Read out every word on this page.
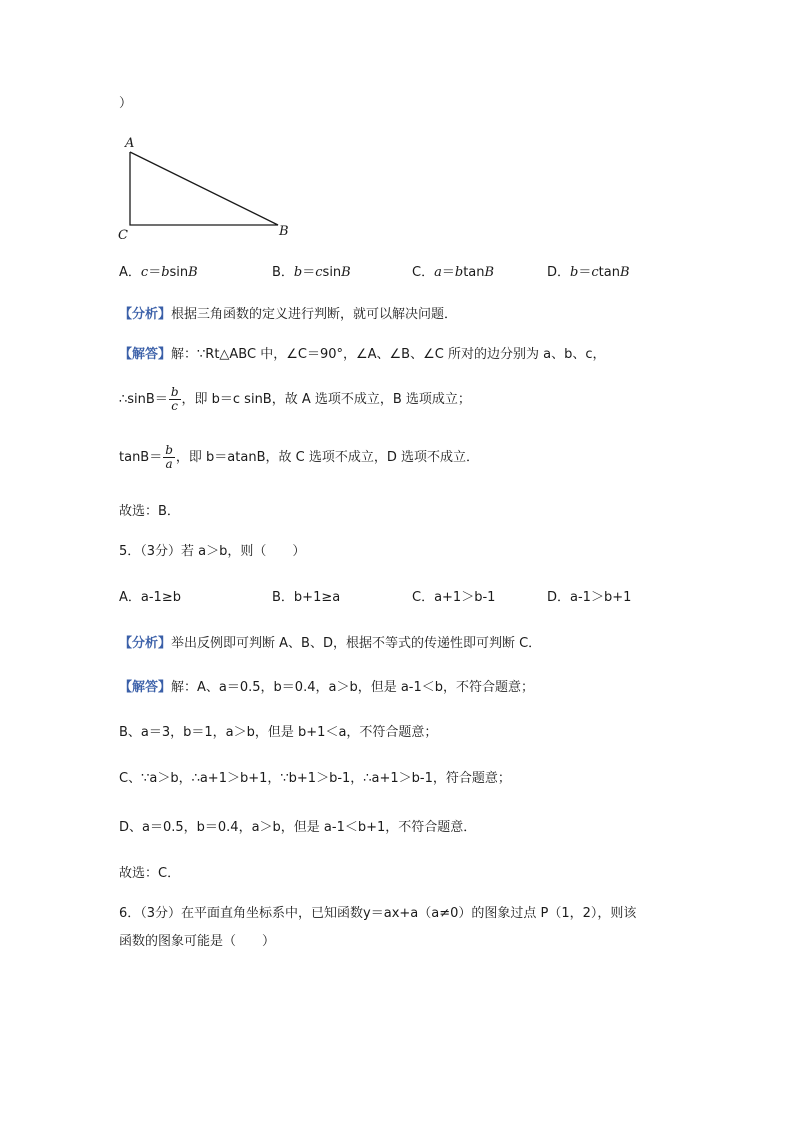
）
A
C	B
A．c＝bsinB	B．b＝csinB	C．a＝btanB	D．b＝ctanB
【分析】根据三角函数的定义进行判断，就可以解决问题．
【解答】解：∵Rt△ABC 中，∠C＝90°，∠A、∠B、∠C 所对的边分别为 a、b、c，
∴sinB＝ $\frac{b}{c}$ ，即 b＝c sinB，故 A 选项不成立，B 选项成立；
$\tan B= \frac{b}{a}$ ，即 b＝atanB，故 C 选项不成立，D 选项不成立．
故选：B．
5．（3分）若 a＞b，则（　　）
A．a-1≥b	B．b+1≥a	C．a+1＞b-1	D．a-1＞b+1
【分析】举出反例即可判断 A、B、D，根据不等式的传递性即可判断 C．
【解答】解：A、a＝0.5，b＝0.4，a＞b，但是 a-1＜b，不符合题意；
B、a＝3，b＝1，a＞b，但是 b+1＜a，不符合题意；
C、∵a＞b，∴a+1＞b+1，∵b+1＞b-1，∴a+1＞b-1，符合题意；
D、a＝0.5，b＝0.4，a＞b，但是 a-1＜b+1，不符合题意．
故选：C．
6．（3分）在平面直角坐标系中，已知函数y＝ax+a（a≠0）的图象过点 P（1，2），则该
函数的图象可能是（　　）
